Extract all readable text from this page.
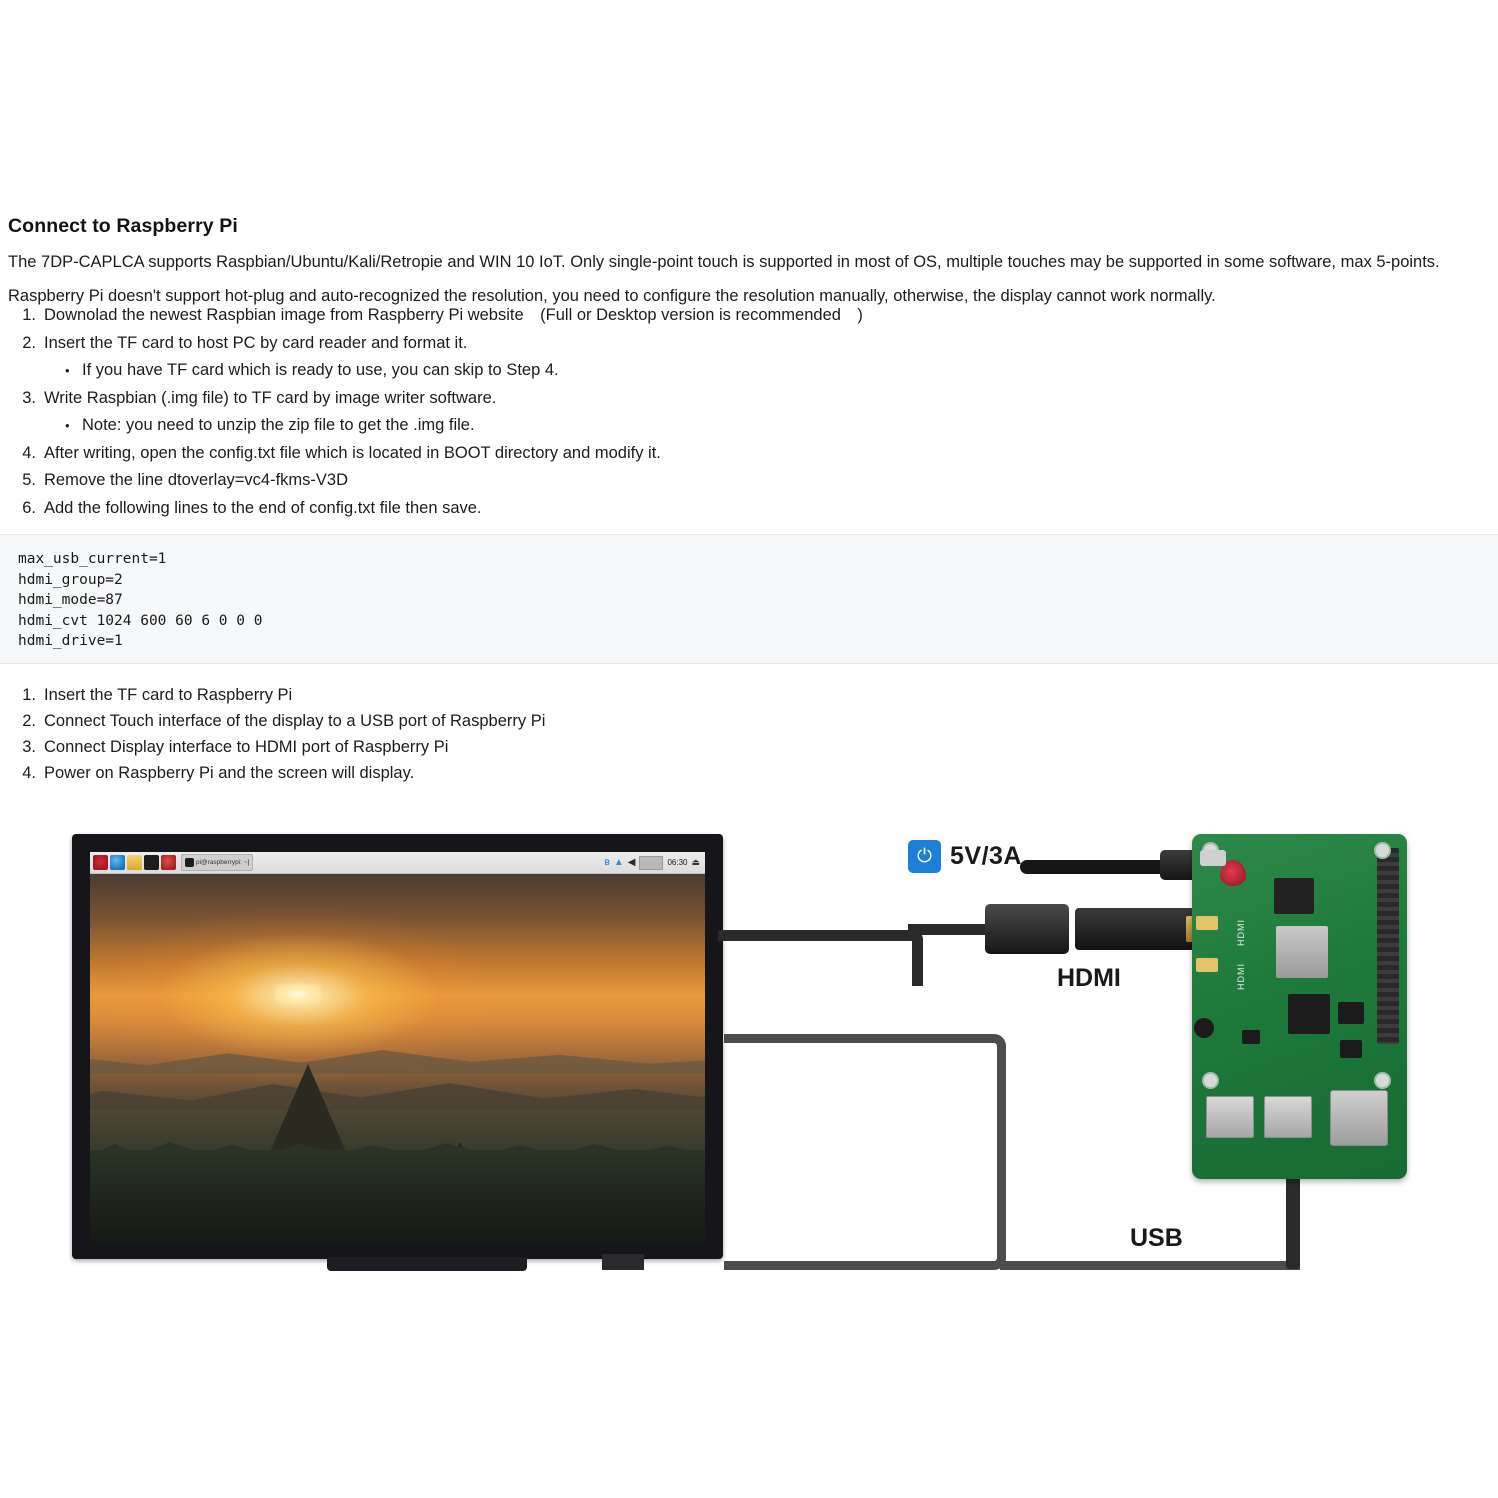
Connect to Raspberry Pi

The 7DP-CAPLCA supports Raspbian/Ubuntu/Kali/Retropie and WIN 10 IoT. Only single-point touch is supported in most of OS, multiple touches may be supported in some software, max 5-points.

Raspberry Pi doesn't support hot-plug and auto-recognized the resolution, you need to configure the resolution manually, otherwise, the display cannot work normally.

1. Downolad the newest Raspbian image from Raspberry Pi website　(Full or Desktop version is recommended　)
2. Insert the TF card to host PC by card reader and format it.
• If you have TF card which is ready to use, you can skip to Step 4.
3. Write Raspbian (.img file) to TF card by image writer software.
• Note: you need to unzip the zip file to get the .img file.
4. After writing, open the config.txt file which is located in BOOT directory and modify it.
5. Remove the line dtoverlay=vc4-fkms-V3D
6. Add the following lines to the end of config.txt file then save.
max_usb_current=1
hdmi_group=2
hdmi_mode=87
hdmi_cvt 1024 600 60 6 0 0 0
hdmi_drive=1
1. Insert the TF card to Raspberry Pi
2. Connect Touch interface of the display to a USB port of Raspberry Pi
3. Connect Display interface to HDMI port of Raspberry Pi
4. Power on Raspberry Pi and the screen will display.
pi@raspberrypi: ~]	ʙ ▲ ◀	06:30 ⏏	⏻ 5V/3A
HDMI
USB
HDMI
HDMI
